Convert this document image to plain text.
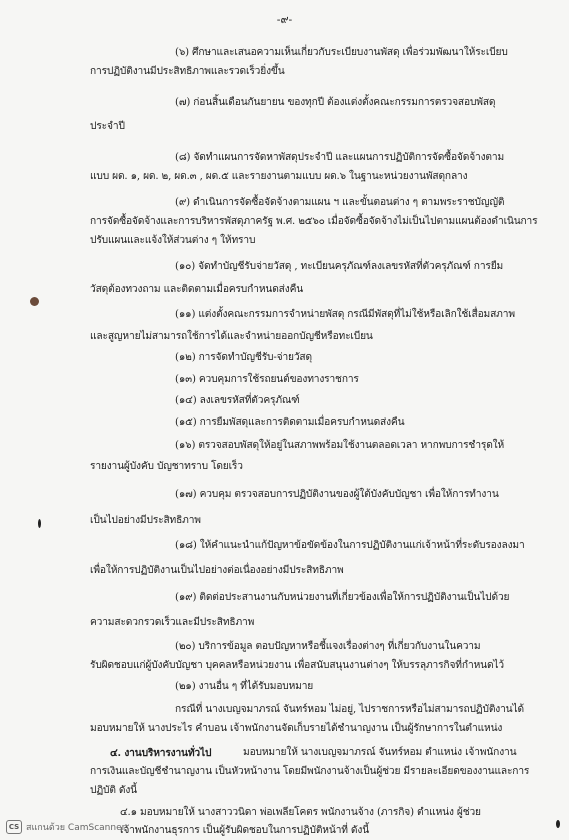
-๙-
(๖) ศึกษาและเสนอความเห็นเกี่ยวกับระเบียบงานพัสดุ เพื่อร่วมพัฒนาให้ระเบียบ
การปฏิบัติงานมีประสิทธิภาพและรวดเร็วยิ่งขึ้น
(๗) ก่อนสิ้นเดือนกันยายน ของทุกปี ต้องแต่งตั้งคณะกรรมการตรวจสอบพัสดุ
ประจำปี
(๘) จัดทำแผนการจัดหาพัสดุประจำปี และแผนการปฏิบัติการจัดซื้อจัดจ้างตาม
แบบ ผด. ๑, ผด. ๒, ผด.๓ , ผด.๕ และรายงานตามแบบ ผด.๖ ในฐานะหน่วยงานพัสดุกลาง
(๙) ดำเนินการจัดซื้อจัดจ้างตามแผน ฯ และขั้นตอนต่าง ๆ ตามพระราชบัญญัติ
การจัดซื้อจัดจ้างและการบริหารพัสดุภาครัฐ พ.ศ. ๒๕๖๐ เมื่อจัดซื้อจัดจ้างไม่เป็นไปตามแผนต้องดำเนินการ
ปรับแผนและแจ้งให้ส่วนต่าง ๆ ให้ทราบ
(๑๐) จัดทำบัญชีรับจ่ายวัสดุ , ทะเบียนครุภัณฑ์ลงเลขรหัสที่ตัวครุภัณฑ์ การยืม
วัสดุต้องทวงถาม และติดตามเมื่อครบกำหนดส่งคืน
(๑๑) แต่งตั้งคณะกรรมการจำหน่ายพัสดุ กรณีมีพัสดุที่ไม่ใช้หรือเลิกใช้เสื่อมสภาพ
และสูญหายไม่สามารถใช้การได้และจำหน่ายออกบัญชีหรือทะเบียน
(๑๒) การจัดทำบัญชีรับ-จ่ายวัสดุ
(๑๓) ควบคุมการใช้รถยนต์ของทางราชการ
(๑๔) ลงเลขรหัสที่ตัวครุภัณฑ์
(๑๕) การยืมพัสดุและการติดตามเมื่อครบกำหนดส่งคืน
(๑๖) ตรวจสอบพัสดุให้อยู่ในสภาพพร้อมใช้งานตลอดเวลา หากพบการชำรุดให้
รายงานผู้บังคับ บัญชาทราบ โดยเร็ว
(๑๗) ควบคุม ตรวจสอบการปฏิบัติงานของผู้ใต้บังคับบัญชา เพื่อให้การทำงาน
เป็นไปอย่างมีประสิทธิภาพ
(๑๘) ให้คำแนะนำแก้ปัญหาข้อขัดข้องในการปฏิบัติงานแก่เจ้าหน้าที่ระดับรองลงมา
เพื่อให้การปฏิบัติงานเป็นไปอย่างต่อเนื่องอย่างมีประสิทธิภาพ
(๑๙) ติดต่อประสานงานกับหน่วยงานที่เกี่ยวข้องเพื่อให้การปฏิบัติงานเป็นไปด้วย
ความสะดวกรวดเร็วและมีประสิทธิภาพ
(๒๐) บริการข้อมูล ตอบปัญหาหรือชี้แจงเรื่องต่างๆ ที่เกี่ยวกับงานในความ
รับผิดชอบแก่ผู้บังคับบัญชา บุคคลหรือหน่วยงาน เพื่อสนับสนุนงานต่างๆ ให้บรรลุภารกิจที่กำหนดไว้
(๒๑) งานอื่น ๆ ที่ได้รับมอบหมาย
กรณีที่ นางเบญจมาภรณ์ จันทร์หอม ไม่อยู่, ไปราชการหรือไม่สามารถปฏิบัติงานได้
มอบหมายให้ นางประไร คำบอน เจ้าพนักงานจัดเก็บรายได้ชำนาญงาน เป็นผู้รักษาการในตำแหน่ง
๔. งานบริหารงานทั่วไป	มอบหมายให้ นางเบญจมาภรณ์ จันทร์หอม ตำแหน่ง เจ้าพนักงาน
การเงินและบัญชีชำนาญงาน เป็นหัวหน้างาน โดยมีพนักงานจ้างเป็นผู้ช่วย มีรายละเอียดของงานและการ
ปฏิบัติ ดังนี้
๔.๑ มอบหมายให้ นางสาววนิดา พ่อเพลียโคตร พนักงานจ้าง (ภารกิจ) ตำแหน่ง ผู้ช่วย
เจ้าพนักงานธุรการ เป็นผู้รับผิดชอบในการปฏิบัติหน้าที่ ดังนี้
CS สแกนด้วย CamScanner
